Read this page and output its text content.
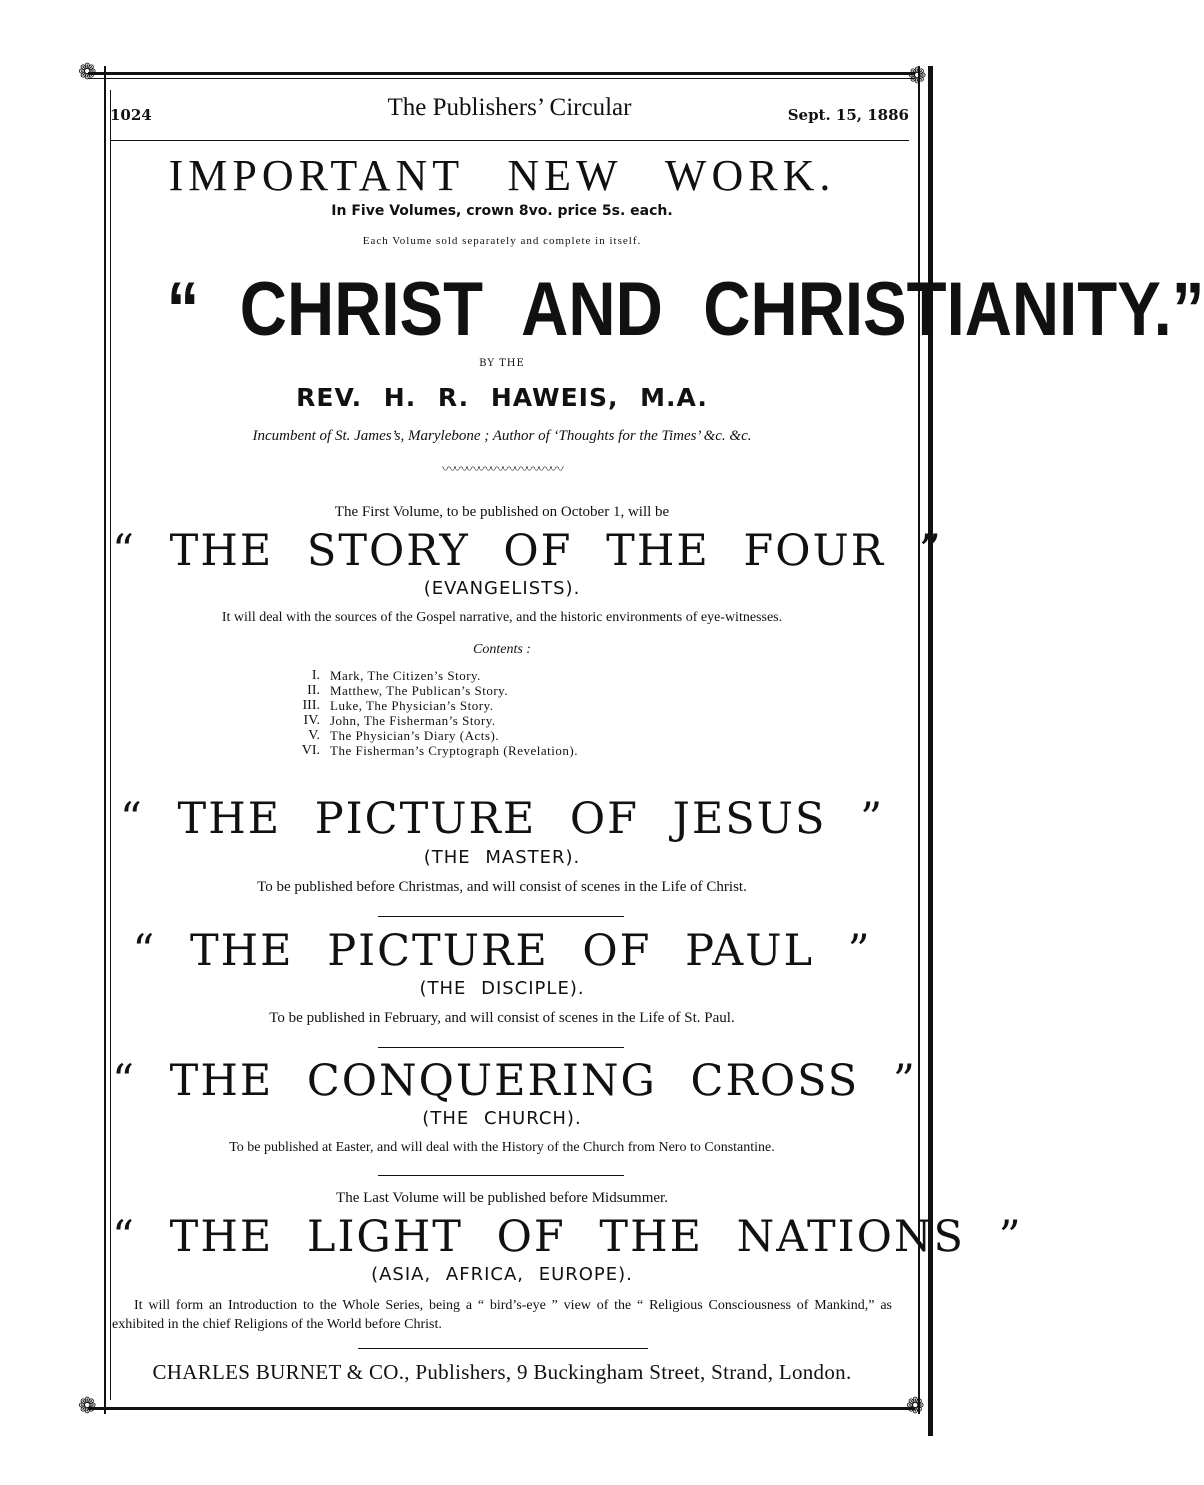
❁	❁
❁	❁
1024	The Publishers’ Circular	Sept. 15, 1886
IMPORTANT NEW WORK.
In Five Volumes, crown 8vo. price 5s. each.
Each Volume sold separately and complete in itself.
“ CHRIST AND CHRISTIANITY.”
BY THE
REV. H. R. HAWEIS, M.A.
Incumbent of St. James’s, Marylebone ; Author of ‘Thoughts for the Times’ &c. &c.
〰〰〰〰〰〰〰〰〰〰
The First Volume, to be published on October 1, will be
“ THE STORY OF THE FOUR ”
(EVANGELISTS).
It will deal with the sources of the Gospel narrative, and the historic environments of eye-witnesses.
Contents :
I. Mark, The Citizen’s Story.
II. Matthew, The Publican’s Story.
III. Luke, The Physician’s Story.
IV. John, The Fisherman’s Story.
V. The Physician’s Diary (Acts).
VI. The Fisherman’s Cryptograph (Revelation).
“ THE PICTURE OF JESUS ”
(THE MASTER).
To be published before Christmas, and will consist of scenes in the Life of Christ.
“ THE PICTURE OF PAUL ”
(THE DISCIPLE).
To be published in February, and will consist of scenes in the Life of St. Paul.
“ THE CONQUERING CROSS ”
(THE CHURCH).
To be published at Easter, and will deal with the History of the Church from Nero to Constantine.
The Last Volume will be published before Midsummer.
“ THE LIGHT OF THE NATIONS ”
(ASIA, AFRICA, EUROPE).
It will form an Introduction to the Whole Series, being a “ bird’s-eye ” view of the “ Religious Consciousness of Mankind,” as exhibited in the chief Religions of the World before Christ.
CHARLES BURNET & CO., Publishers, 9 Buckingham Street, Strand, London.
